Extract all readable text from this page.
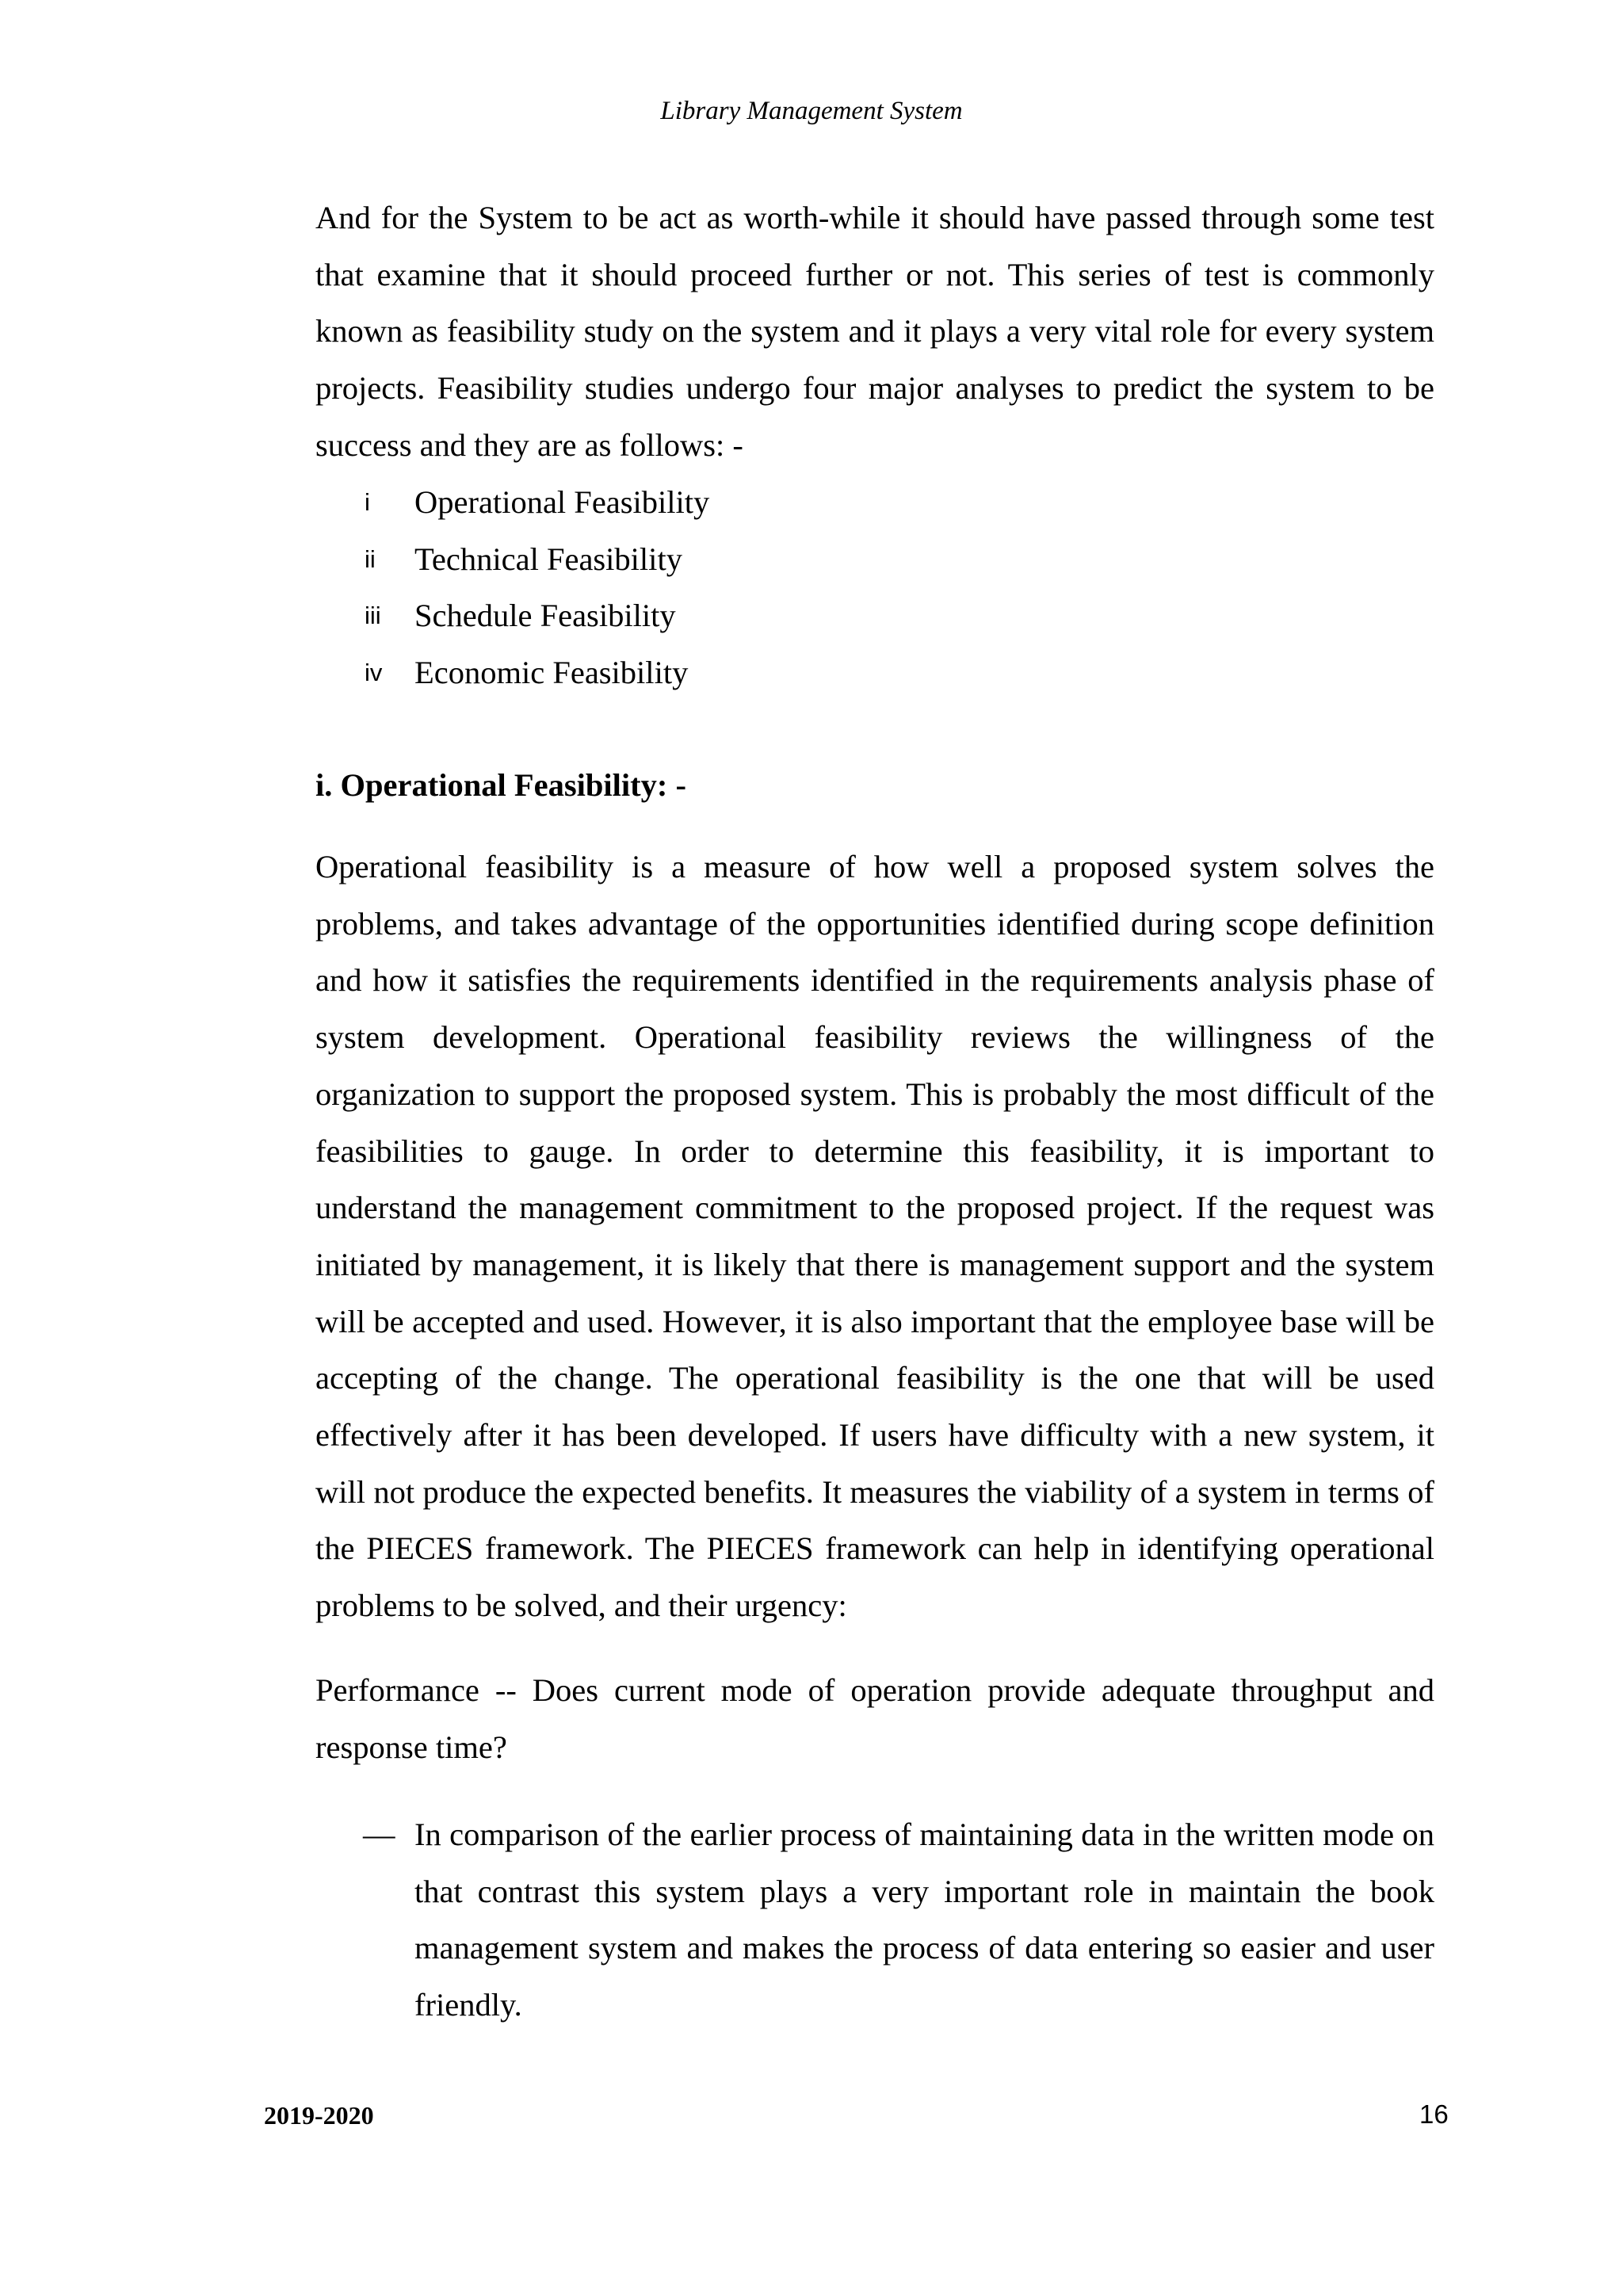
Library Management System

And for the System to be act as worth-while it should have passed through some test that examine that it should proceed further or not. This series of test is commonly known as feasibility study on the system and it plays a very vital role for every system projects. Feasibility studies undergo four major analyses to predict the system to be success and they are as follows: -

i Operational Feasibility
ii Technical Feasibility
iii Schedule Feasibility
iv Economic Feasibility
i. Operational Feasibility: -

Operational feasibility is a measure of how well a proposed system solves the problems, and takes advantage of the opportunities identified during scope definition and how it satisfies the requirements identified in the requirements analysis phase of system development. Operational feasibility reviews the willingness of the organization to support the proposed system. This is probably the most difficult of the feasibilities to gauge. In order to determine this feasibility, it is important to understand the management commitment to the proposed project. If the request was initiated by management, it is likely that there is management support and the system will be accepted and used. However, it is also important that the employee base will be accepting of the change. The operational feasibility is the one that will be used effectively after it has been developed. If users have difficulty with a new system, it will not produce the expected benefits. It measures the viability of a system in terms of the PIECES framework. The PIECES framework can help in identifying operational problems to be solved, and their urgency:

Performance -- Does current mode of operation provide adequate throughput and response time?

— In comparison of the earlier process of maintaining data in the written mode on that contrast this system plays a very important role in maintain the book management system and makes the process of data entering so easier and user friendly.

2019-2020	16
